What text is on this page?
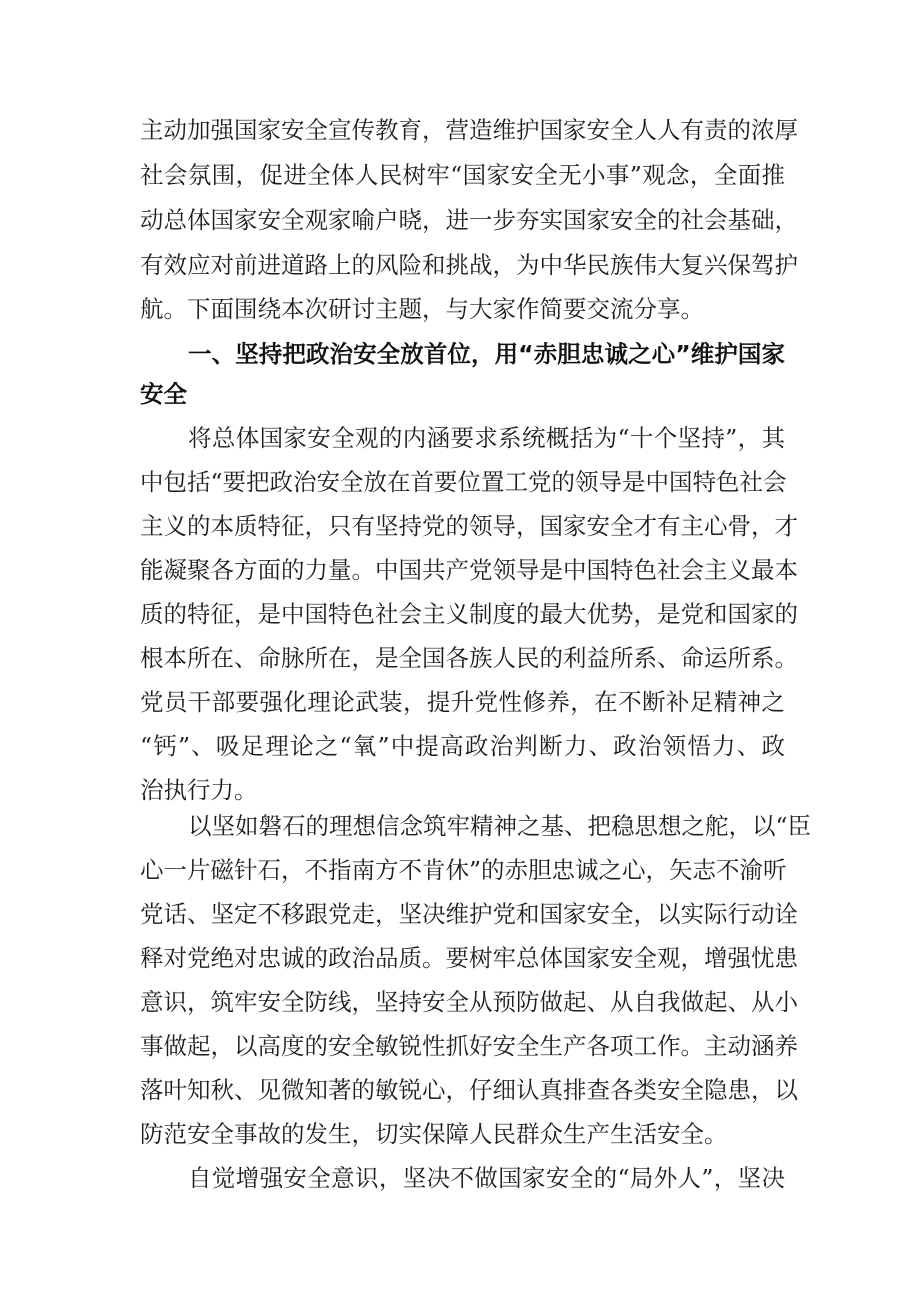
主动加强国家安全宣传教育，营造维护国家安全人人有责的浓厚
社会氛围，促进全体人民树牢“国家安全无小事”观念，全面推
动总体国家安全观家喻户晓，进一步夯实国家安全的社会基础，
有效应对前进道路上的风险和挑战，为中华民族伟大复兴保驾护
航。下面围绕本次研讨主题，与大家作简要交流分享。
一、坚持把政治安全放首位，用“赤胆忠诚之心”维护国家
安全
将总体国家安全观的内涵要求系统概括为“十个坚持”，其
中包括“要把政治安全放在首要位置工党的领导是中国特色社会
主义的本质特征，只有坚持党的领导，国家安全才有主心骨，才
能凝聚各方面的力量。中国共产党领导是中国特色社会主义最本
质的特征，是中国特色社会主义制度的最大优势，是党和国家的
根本所在、命脉所在，是全国各族人民的利益所系、命运所系。
党员干部要强化理论武装，提升党性修养，在不断补足精神之
“钙”、吸足理论之“氧”中提高政治判断力、政治领悟力、政
治执行力。
以坚如磐石的理想信念筑牢精神之基、把稳思想之舵，以“臣
心一片磁针石，不指南方不肯休”的赤胆忠诚之心，矢志不渝听
党话、坚定不移跟党走，坚决维护党和国家安全，以实际行动诠
释对党绝对忠诚的政治品质。要树牢总体国家安全观，增强忧患
意识，筑牢安全防线，坚持安全从预防做起、从自我做起、从小
事做起，以高度的安全敏锐性抓好安全生产各项工作。主动涵养
落叶知秋、见微知著的敏锐心，仔细认真排查各类安全隐患，以
防范安全事故的发生，切实保障人民群众生产生活安全。
自觉增强安全意识，坚决不做国家安全的“局外人”，坚决
